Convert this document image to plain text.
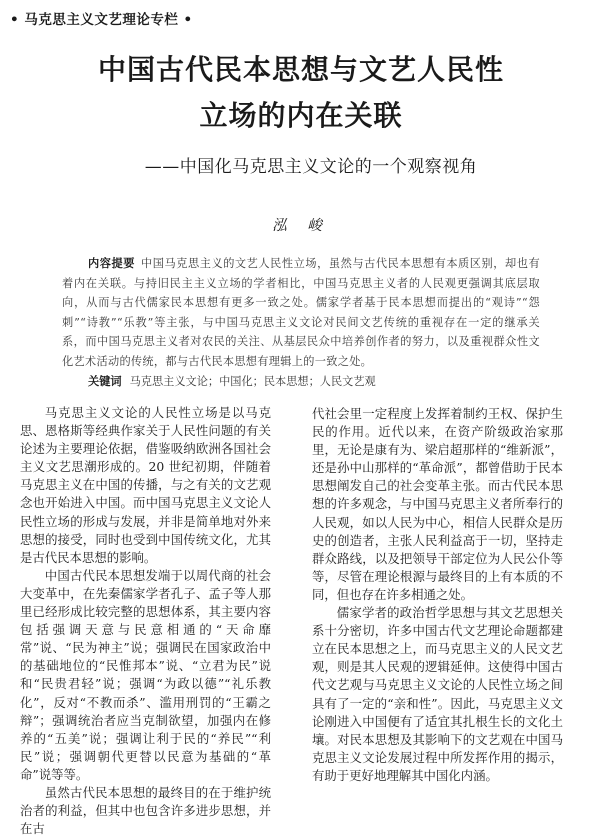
• 马克思主义文艺理论专栏 •
中国古代民本思想与文艺人民性
立场的内在关联
——中国化马克思主义文论的一个观察视角
泓 峻
内容提要 中国马克思主义的文艺人民性立场，虽然与古代民本思想有本质区别，却也有着内在关联。与持旧民主主义立场的学者相比，中国马克思主义者的人民观更强调其底层取向，从而与古代儒家民本思想有更多一致之处。儒家学者基于民本思想而提出的“观诗”“怨刺”“诗教”“乐教”等主张，与中国马克思主义文论对民间文艺传统的重视存在一定的继承关系，而中国马克思主义者对农民的关注、从基层民众中培养创作者的努力，以及重视群众性文化艺术活动的传统，都与古代民本思想有理辑上的一致之处。
关键词 马克思主义文论；中国化；民本思想；人民文艺观

马克思主义文论的人民性立场是以马克思、恩格斯等经典作家关于人民性问题的有关论述为主要理论依据，借鉴吸纳欧洲各国社会主义文艺思潮形成的。20 世纪初期，伴随着马克思主义在中国的传播，与之有关的文艺观念也开始进入中国。而中国马克思主义文论人民性立场的形成与发展，并非是简单地对外来思想的接受，同时也受到中国传统文化，尤其是古代民本思想的影响。

中国古代民本思想发端于以周代商的社会大变革中，在先秦儒家学者孔子、孟子等人那里已经形成比较完整的思想体系，其主要内容包括强调天意与民意相通的“天命靡常”说、“民为神主”说；强调民在国家政治中的基础地位的“民惟邦本”说、“立君为民”说和“民贵君轻”说；强调“为政以德”“礼乐教化”，反对“不教而杀”、滥用刑罚的“王霸之辩”；强调统治者应当克制欲望，加强内在修养的“五美”说；强调让利于民的“养民”“利民”说；强调朝代更替以民意为基础的“革命”说等等。

虽然古代民本思想的最终目的在于维护统治者的利益，但其中也包含许多进步思想，并在古

代社会里一定程度上发挥着制约王权、保护生民的作用。近代以来，在资产阶级政治家那里，无论是康有为、梁启超那样的“维新派”，还是孙中山那样的“革命派”，都曾借助于民本思想阐发自己的社会变革主张。而古代民本思想的许多观念，与中国马克思主义者所奉行的人民观，如以人民为中心，相信人民群众是历史的创造者，主张人民利益高于一切，坚持走群众路线，以及把领导干部定位为人民公仆等等，尽管在理论根源与最终目的上有本质的不同，但也存在许多相通之处。

儒家学者的政治哲学思想与其文艺思想关系十分密切，许多中国古代文艺理论命题都建立在民本思想之上，而马克思主义的人民文艺观，则是其人民观的逻辑延伸。这使得中国古代文艺观与马克思主义文论的人民性立场之间具有了一定的“亲和性”。因此，马克思主义文论刚进入中国便有了适宜其扎根生长的文化土壤。对民本思想及其影响下的文艺观在中国马克思主义文论发展过程中所发挥作用的揭示，有助于更好地理解其中国化内涵。
